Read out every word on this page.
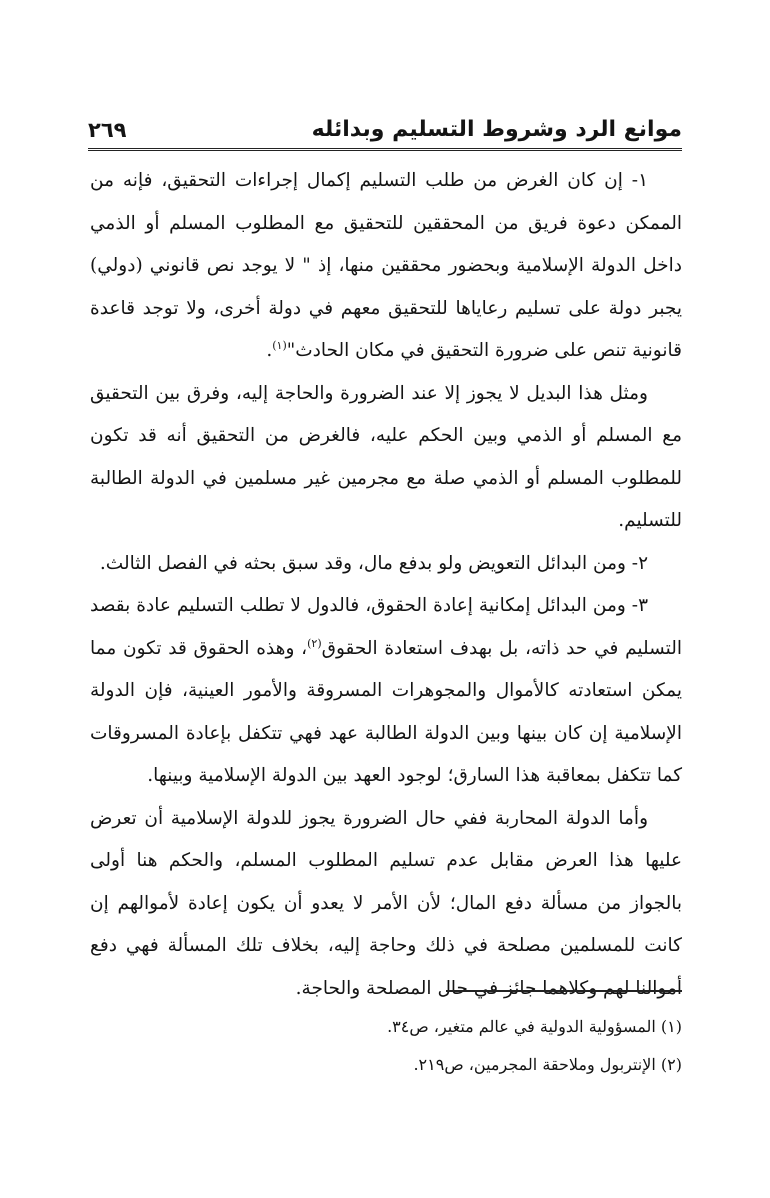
موانع الرد وشروط التسليم وبدائله
٢٦٩

١- إن كان الغرض من طلب التسليم إكمال إجراءات التحقيق، فإنه من الممكن دعوة فريق من المحققين للتحقيق مع المطلوب المسلم أو الذمي داخل الدولة الإسلامية وبحضور محققين منها، إذ " لا يوجد نص قانوني (دولي) يجبر دولة على تسليم رعاياها للتحقيق معهم في دولة أخرى، ولا توجد قاعدة قانونية تنص على ضرورة التحقيق في مكان الحادث"$^{(١)}$.

ومثل هذا البديل لا يجوز إلا عند الضرورة والحاجة إليه، وفرق بين التحقيق مع المسلم أو الذمي وبين الحكم عليه، فالغرض من التحقيق أنه قد تكون للمطلوب المسلم أو الذمي صلة مع مجرمين غير مسلمين في الدولة الطالبة للتسليم.

٢- ومن البدائل التعويض ولو بدفع مال، وقد سبق بحثه في الفصل الثالث.

٣- ومن البدائل إمكانية إعادة الحقوق، فالدول لا تطلب التسليم عادة بقصد التسليم في حد ذاته، بل بهدف استعادة الحقوق$^{(٢)}$، وهذه الحقوق قد تكون مما يمكن استعادته كالأموال والمجوهرات المسروقة والأمور العينية، فإن الدولة الإسلامية إن كان بينها وبين الدولة الطالبة عهد فهي تتكفل بإعادة المسروقات كما تتكفل بمعاقبة هذا السارق؛ لوجود العهد بين الدولة الإسلامية وبينها.

وأما الدولة المحاربة ففي حال الضرورة يجوز للدولة الإسلامية أن تعرض عليها هذا العرض مقابل عدم تسليم المطلوب المسلم، والحكم هنا أولى بالجواز من مسألة دفع المال؛ لأن الأمر لا يعدو أن يكون إعادة لأموالهم إن كانت للمسلمين مصلحة في ذلك وحاجة إليه، بخلاف تلك المسألة فهي دفع أموالنا لهم وكلاهما جائز في حال المصلحة والحاجة.

(١) المسؤولية الدولية في عالم متغير، ص٣٤.
(٢) الإنتربول وملاحقة المجرمين، ص٢١٩.
